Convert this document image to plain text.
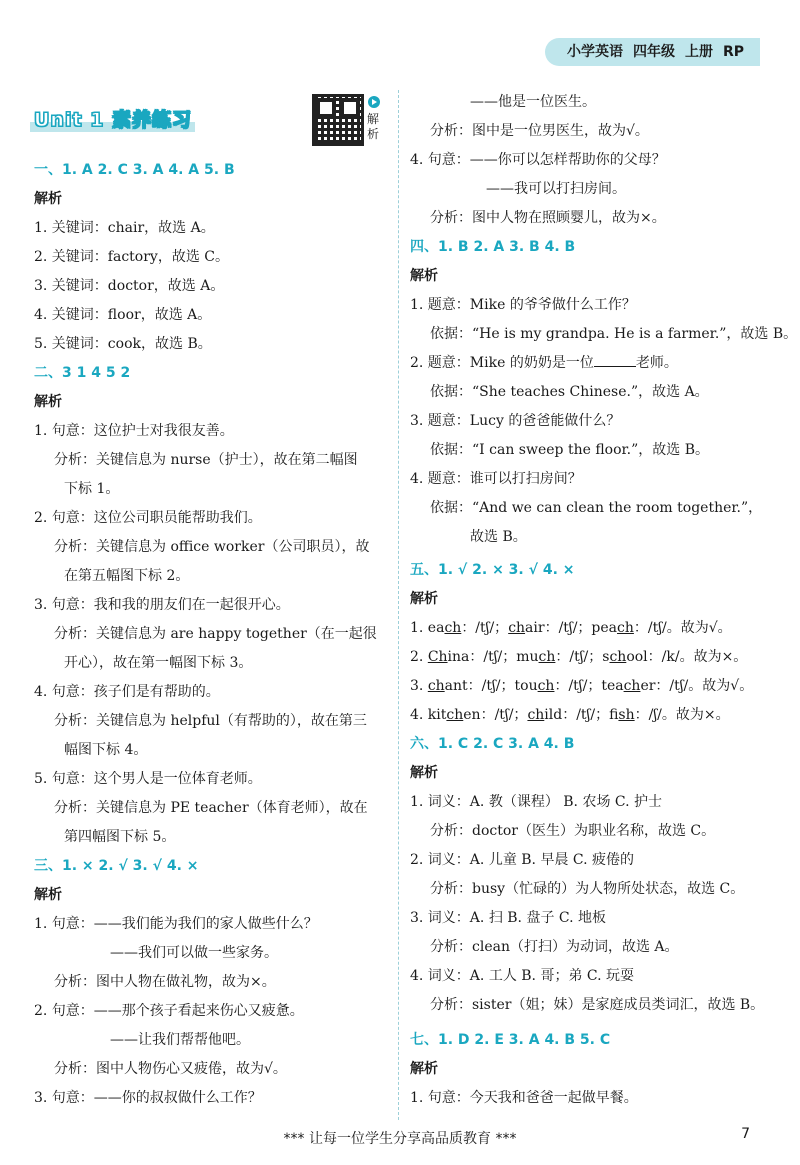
小学英语 四年级 上册 RP
Unit 1 素养练习	解析
一、1. A 2. C 3. A 4. A 5. B
解析
1. 关键词：chair，故选 A。
2. 关键词：factory，故选 C。
3. 关键词：doctor，故选 A。
4. 关键词：floor，故选 A。
5. 关键词：cook，故选 B。
二、3 1 4 5 2
解析
1. 句意：这位护士对我很友善。
分析：关键信息为 nurse（护士），故在第二幅图
下标 1。
2. 句意：这位公司职员能帮助我们。
分析：关键信息为 office worker（公司职员），故
在第五幅图下标 2。
3. 句意：我和我的朋友们在一起很开心。
分析：关键信息为 are happy together（在一起很
开心），故在第一幅图下标 3。
4. 句意：孩子们是有帮助的。
分析：关键信息为 helpful（有帮助的），故在第三
幅图下标 4。
5. 句意：这个男人是一位体育老师。
分析：关键信息为 PE teacher（体育老师），故在
第四幅图下标 5。
三、1. × 2. √ 3. √ 4. ×
解析
1. 句意：——我们能为我们的家人做些什么？
——我们可以做一些家务。
分析：图中人物在做礼物，故为×。
2. 句意：——那个孩子看起来伤心又疲惫。
——让我们帮帮他吧。
分析：图中人物伤心又疲倦，故为√。
3. 句意：——你的叔叔做什么工作？
——他是一位医生。
分析：图中是一位男医生，故为√。
4. 句意：——你可以怎样帮助你的父母？
——我可以打扫房间。
分析：图中人物在照顾婴儿，故为×。
四、1. B 2. A 3. B 4. B
解析
1. 题意：Mike 的爷爷做什么工作？
依据：“He is my grandpa. He is a farmer.”，故选 B。
2. 题意：Mike 的奶奶是一位	老师。
依据：“She teaches Chinese.”，故选 A。
3. 题意：Lucy 的爸爸能做什么？
依据：“I can sweep the floor.”，故选 B。
4. 题意：谁可以打扫房间？
依据：“And we can clean the room together.”，
故选 B。
五、1. √ 2. × 3. √ 4. ×
解析
1. each：/tʃ/；chair：/tʃ/；peach：/tʃ/。故为√。
2. China：/tʃ/；much：/tʃ/；school：/k/。故为×。
3. chant：/tʃ/；touch：/tʃ/；teacher：/tʃ/。故为√。
4. kitchen：/tʃ/；child：/tʃ/；fish：/ʃ/。故为×。
六、1. C 2. C 3. A 4. B
解析
1. 词义：A. 教（课程） B. 农场 C. 护士
分析：doctor（医生）为职业名称，故选 C。
2. 词义：A. 儿童 B. 早晨 C. 疲倦的
分析：busy（忙碌的）为人物所处状态，故选 C。
3. 词义：A. 扫 B. 盘子 C. 地板
分析：clean（打扫）为动词，故选 A。
4. 词义：A. 工人 B. 哥；弟 C. 玩耍
分析：sister（姐；妹）是家庭成员类词汇，故选 B。
七、1. D 2. E 3. A 4. B 5. C
解析
1. 句意：今天我和爸爸一起做早餐。
*** 让每一位学生分享高品质教育 ***	7
